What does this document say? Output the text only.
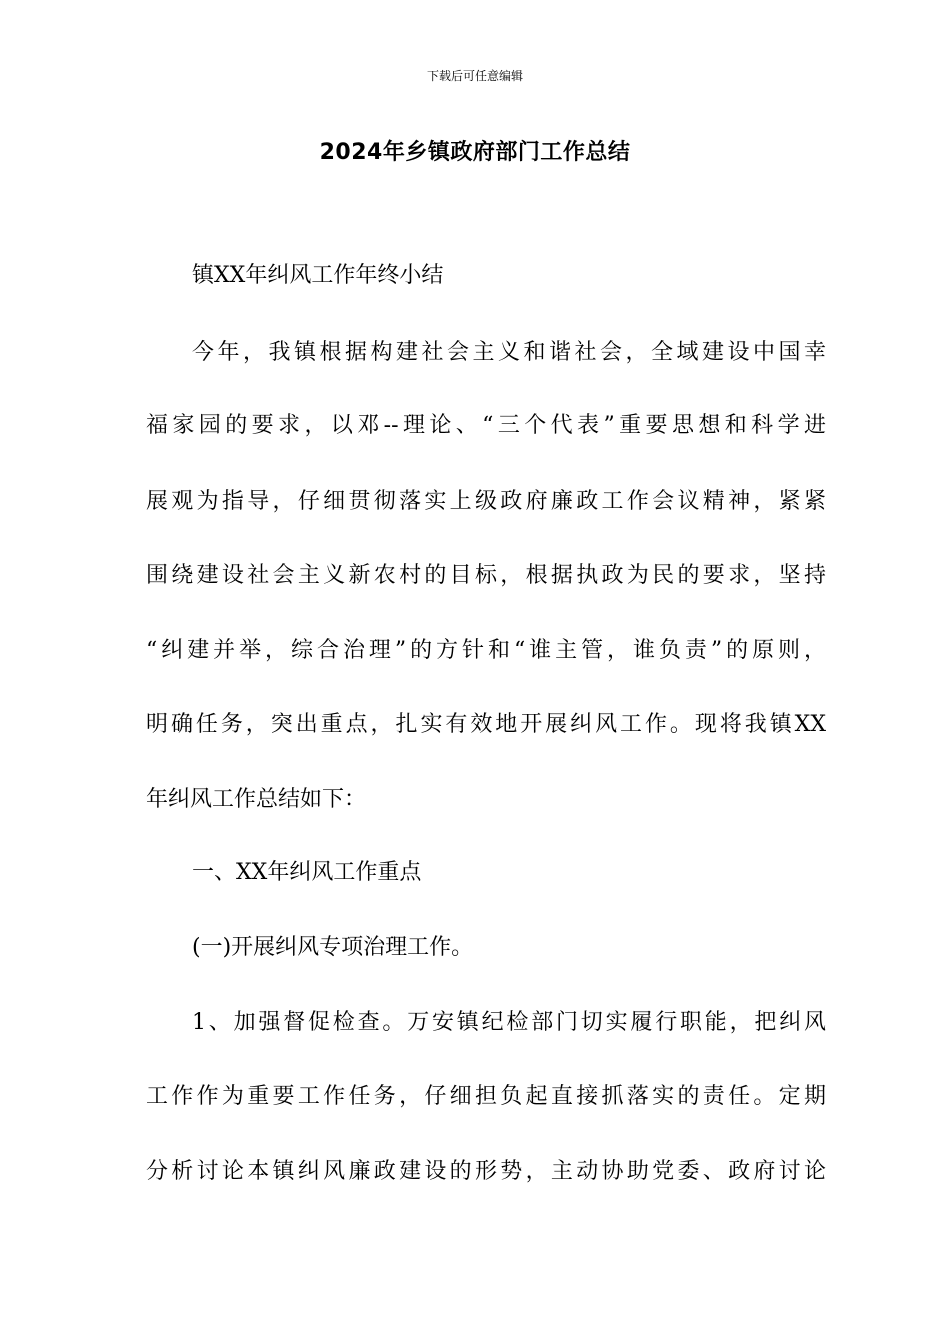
下载后可任意编辑
2024年乡镇政府部门工作总结
镇XX年纠风工作年终小结
今年，我镇根据构建社会主义和谐社会，全域建设中国幸
福家园的要求，以邓--理论、“三个代表”重要思想和科学进
展观为指导，仔细贯彻落实上级政府廉政工作会议精神，紧紧
围绕建设社会主义新农村的目标，根据执政为民的要求，坚持
“纠建并举，综合治理”的方针和“谁主管，谁负责”的原则，
明确任务，突出重点，扎实有效地开展纠风工作。现将我镇XX
年纠风工作总结如下：
一、XX年纠风工作重点
(一)开展纠风专项治理工作。
1、加强督促检查。万安镇纪检部门切实履行职能，把纠风
工作作为重要工作任务，仔细担负起直接抓落实的责任。定期
分析讨论本镇纠风廉政建设的形势，主动协助党委、政府讨论
